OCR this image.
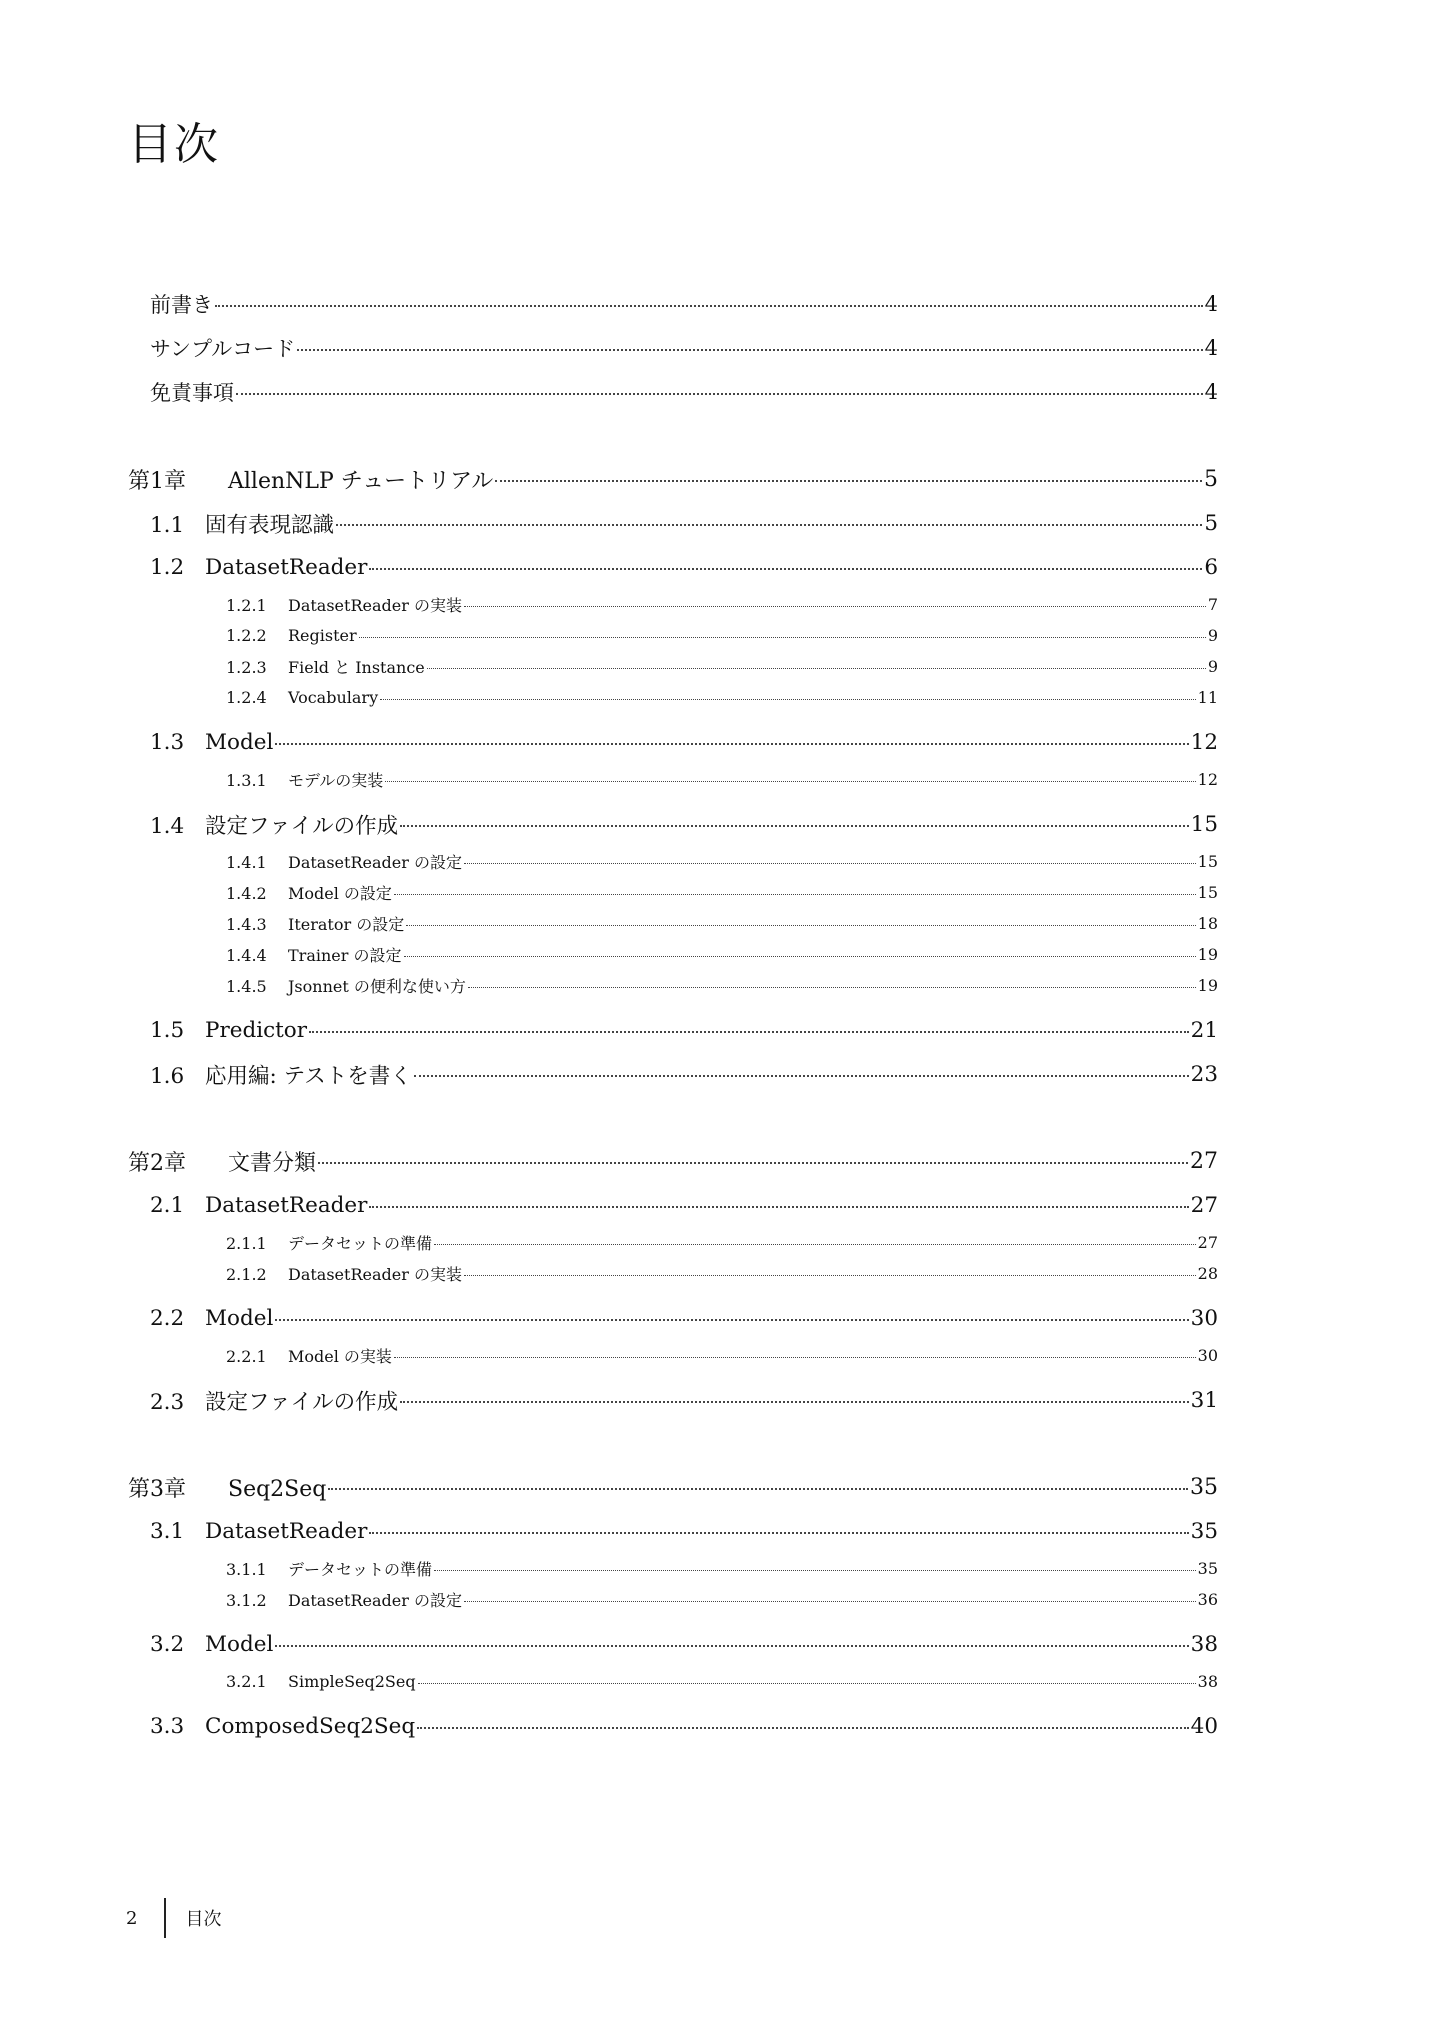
目次
前書き	4
サンプルコード	4
免責事項	4
第1章 AllenNLP チュートリアル	5
1.1 固有表現認識	5
1.2 DatasetReader	6
1.2.1 DatasetReader の実装	7
1.2.2 Register	9
1.2.3 Field と Instance	9
1.2.4 Vocabulary	11
1.3 Model	12
1.3.1 モデルの実装	12
1.4 設定ファイルの作成	15
1.4.1 DatasetReader の設定	15
1.4.2 Model の設定	15
1.4.3 Iterator の設定	18
1.4.4 Trainer の設定	19
1.4.5 Jsonnet の便利な使い方	19
1.5 Predictor	21
1.6 応用編: テストを書く	23
第2章 文書分類	27
2.1 DatasetReader	27
2.1.1 データセットの準備	27
2.1.2 DatasetReader の実装	28
2.2 Model	30
2.2.1 Model の実装	30
2.3 設定ファイルの作成	31
第3章 Seq2Seq	35
3.1 DatasetReader	35
3.1.1 データセットの準備	35
3.1.2 DatasetReader の設定	36
3.2 Model	38
3.2.1 SimpleSeq2Seq	38
3.3 ComposedSeq2Seq	40
2	目次
